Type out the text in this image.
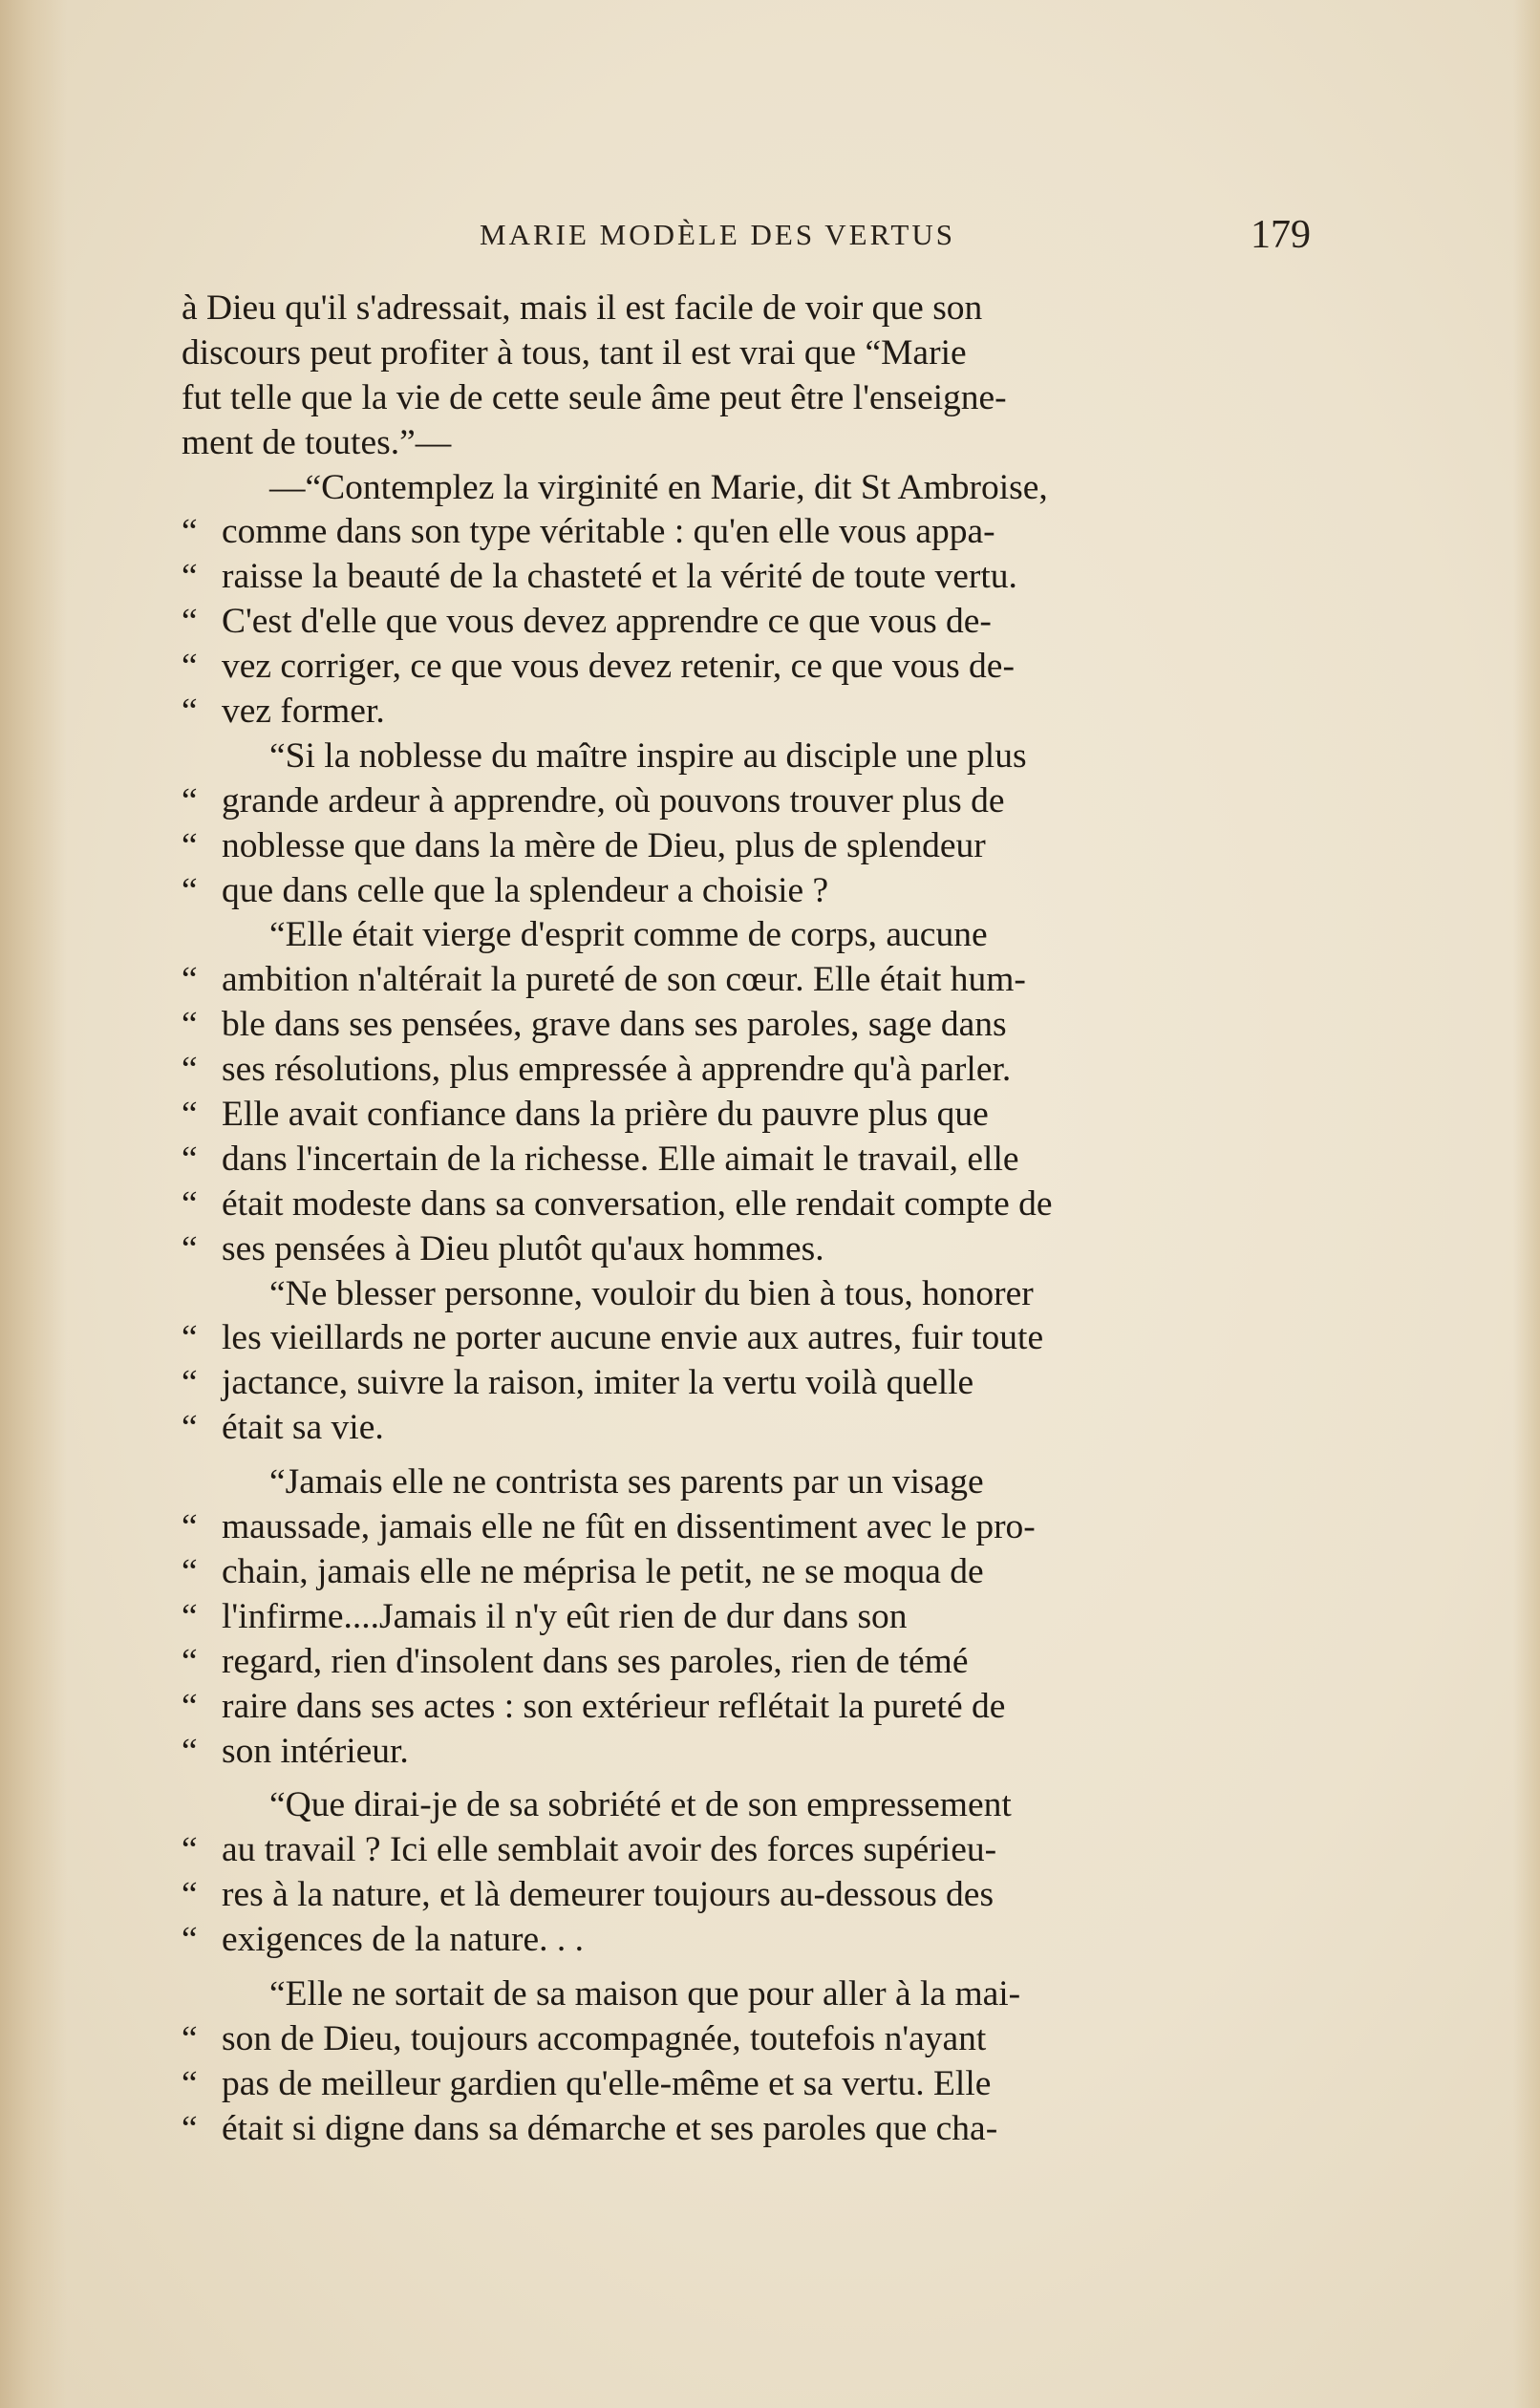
MARIE MODÈLE DES VERTUS	179
à Dieu qu'il s'adressait, mais il est facile de voir que son
discours peut profiter à tous, tant il est vrai que “Marie
fut telle que la vie de cette seule âme peut être l'enseigne-
ment de toutes.”—
—“Contemplez la virginité en Marie, dit St Ambroise,
“ comme dans son type véritable : qu'en elle vous appa-
“ raisse la beauté de la chasteté et la vérité de toute vertu.
“ C'est d'elle que vous devez apprendre ce que vous de-
“ vez corriger, ce que vous devez retenir, ce que vous de-
“ vez former.
“Si la noblesse du maître inspire au disciple une plus
“ grande ardeur à apprendre, où pouvons trouver plus de
“ noblesse que dans la mère de Dieu, plus de splendeur
“ que dans celle que la splendeur a choisie ?
“Elle était vierge d'esprit comme de corps, aucune
“ ambition n'altérait la pureté de son cœur. Elle était hum-
“ ble dans ses pensées, grave dans ses paroles, sage dans
“ ses résolutions, plus empressée à apprendre qu'à parler.
“ Elle avait confiance dans la prière du pauvre plus que
“ dans l'incertain de la richesse. Elle aimait le travail, elle
“ était modeste dans sa conversation, elle rendait compte de
“ ses pensées à Dieu plutôt qu'aux hommes.
“Ne blesser personne, vouloir du bien à tous, honorer
“ les vieillards ne porter aucune envie aux autres, fuir toute
“ jactance, suivre la raison, imiter la vertu voilà quelle
“ était sa vie.
“Jamais elle ne contrista ses parents par un visage
“ maussade, jamais elle ne fût en dissentiment avec le pro-
“ chain, jamais elle ne méprisa le petit, ne se moqua de
“ l'infirme....Jamais il n'y eût rien de dur dans son
“ regard, rien d'insolent dans ses paroles, rien de témé
“ raire dans ses actes : son extérieur reflétait la pureté de
“ son intérieur.
“Que dirai-je de sa sobriété et de son empressement
“ au travail ? Ici elle semblait avoir des forces supérieu-
“ res à la nature, et là demeurer toujours au-dessous des
“ exigences de la nature. . .
“Elle ne sortait de sa maison que pour aller à la mai-
“ son de Dieu, toujours accompagnée, toutefois n'ayant
“ pas de meilleur gardien qu'elle-même et sa vertu. Elle
“ était si digne dans sa démarche et ses paroles que cha-
